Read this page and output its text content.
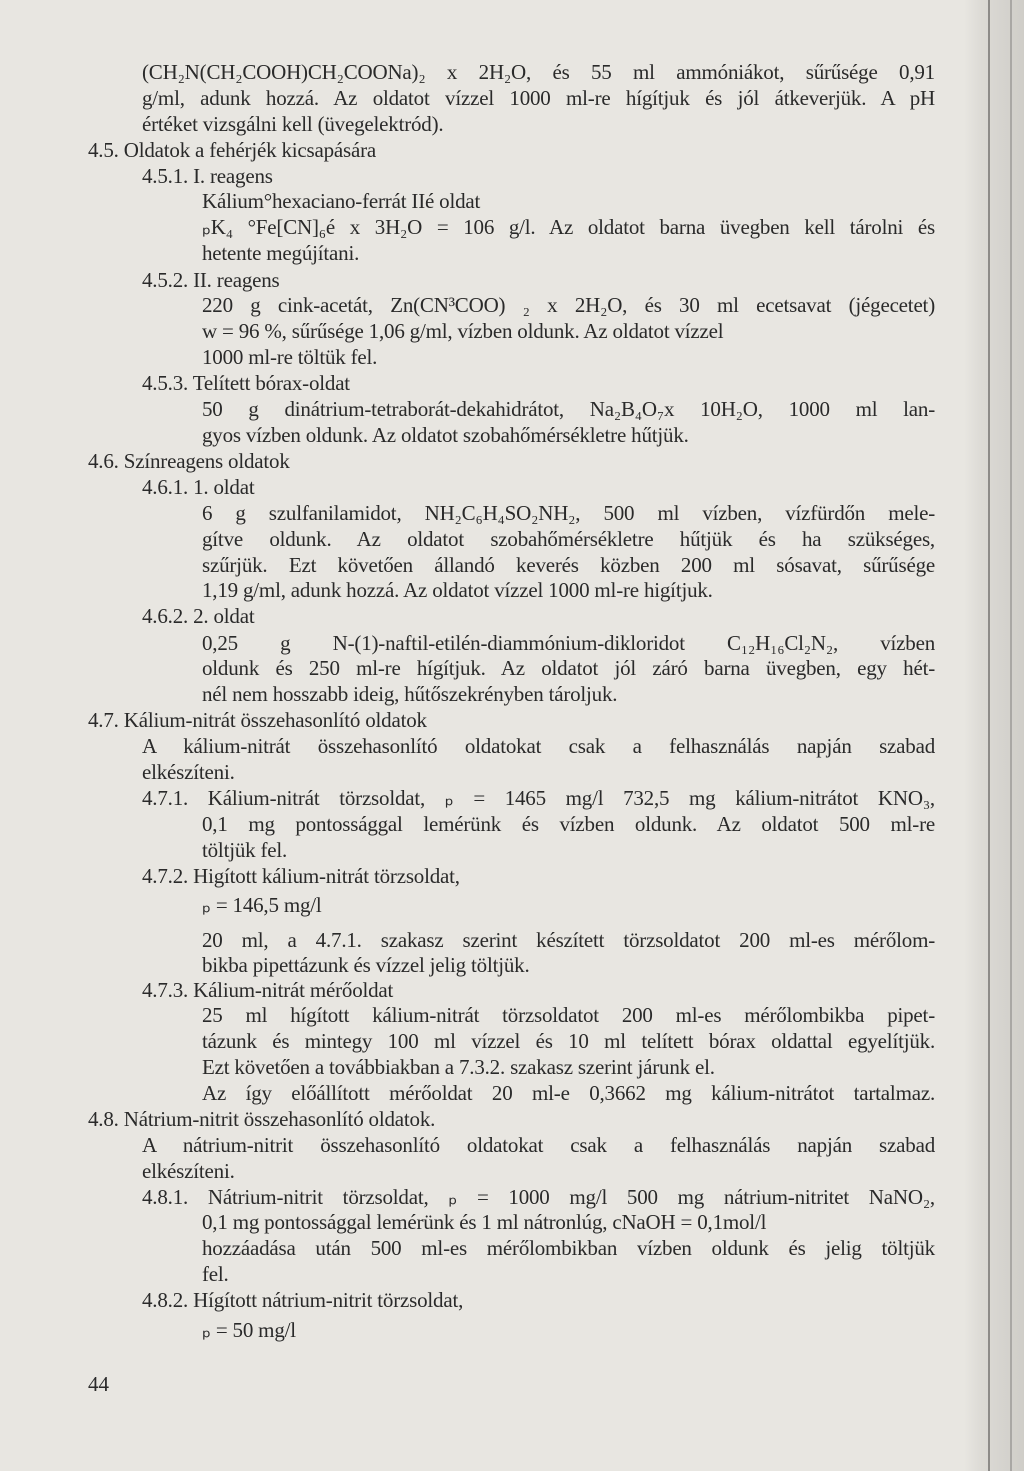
(CH₂N(CH₂COOH)CH₂COONa)₂ x 2H₂O, és 55 ml ammóniákot, sűrűsége 0,91
g/ml, adunk hozzá. Az oldatot vízzel 1000 ml-re hígítjuk és jól átkeverjük. A pH
értéket vizsgálni kell (üvegelektród).
4.5. Oldatok a fehérjék kicsapására
4.5.1. I. reagens
Kálium°hexaciano-ferrát IIé oldat
ₚK₄ °Fe[CN]₆é x 3H₂O = 106 g/l. Az oldatot barna üvegben kell tárolni és
hetente megújítani.
4.5.2. II. reagens
220 g cink-acetát, Zn(CN³COO) ₂ x 2H₂O, és 30 ml ecetsavat (jégecetet)
w = 96 %, sűrűsége 1,06 g/ml, vízben oldunk. Az oldatot vízzel
1000 ml-re töltük fel.
4.5.3. Telített bórax-oldat
50 g dinátrium-tetraborát-dekahidrátot, Na₂B₄O₇x 10H₂O, 1000 ml lan-
gyos vízben oldunk. Az oldatot szobahőmérsékletre hűtjük.
4.6. Színreagens oldatok
4.6.1. 1. oldat
6 g szulfanilamidot, NH₂C₆H₄SO₂NH₂, 500 ml vízben, vízfürdőn mele-
gítve oldunk. Az oldatot szobahőmérsékletre hűtjük és ha szükséges,
szűrjük. Ezt követően állandó keverés közben 200 ml sósavat, sűrűsége
1,19 g/ml, adunk hozzá. Az oldatot vízzel 1000 ml-re higítjuk.
4.6.2. 2. oldat
0,25 g N-(1)-naftil-etilén-diammónium-dikloridot C₁₂H₁₆Cl₂N₂, vízben
oldunk és 250 ml-re hígítjuk. Az oldatot jól záró barna üvegben, egy hét-
nél nem hosszabb ideig, hűtőszekrényben tároljuk.
4.7. Kálium-nitrát összehasonlító oldatok
A kálium-nitrát összehasonlító oldatokat csak a felhasználás napján szabad
elkészíteni.
4.7.1. Kálium-nitrát törzsoldat, ₚ = 1465 mg/l 732,5 mg kálium-nitrátot KNO₃,
0,1 mg pontossággal lemérünk és vízben oldunk. Az oldatot 500 ml-re
töltjük fel.
4.7.2. Higított kálium-nitrát törzsoldat,
ₚ = 146,5 mg/l
20 ml, a 4.7.1. szakasz szerint készített törzsoldatot 200 ml-es mérőlom-
bikba pipettázunk és vízzel jelig töltjük.
4.7.3. Kálium-nitrát mérőoldat
25 ml hígított kálium-nitrát törzsoldatot 200 ml-es mérőlombikba pipet-
tázunk és mintegy 100 ml vízzel és 10 ml telített bórax oldattal egyelítjük.
Ezt követően a továbbiakban a 7.3.2. szakasz szerint járunk el.
Az így előállított mérőoldat 20 ml-e 0,3662 mg kálium-nitrátot tartalmaz.
4.8. Nátrium-nitrit összehasonlító oldatok.
A nátrium-nitrit összehasonlító oldatokat csak a felhasználás napján szabad
elkészíteni.
4.8.1. Nátrium-nitrit törzsoldat, ₚ = 1000 mg/l 500 mg nátrium-nitritet NaNO₂,
0,1 mg pontossággal lemérünk és 1 ml nátronlúg, cNaOH = 0,1mol/l
hozzáadása után 500 ml-es mérőlombikban vízben oldunk és jelig töltjük
fel.
4.8.2. Hígított nátrium-nitrit törzsoldat,
ₚ = 50 mg/l
44
